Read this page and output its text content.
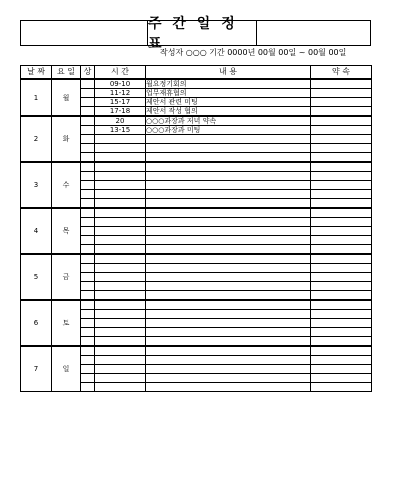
주 간 일 정 표
작성자 ○○○ 기간 0000년 00월 00일 ~ 00월 00일
날 짜	요 일	상	시 간	내 용	약 속
1	월		09-10	월요정기회의	
			11-12	업무재휴협의	
			15-17	제안서 관련 미팅	
			17-18	제안서 작성 협의	
2	화		20	○○○과장과 저녁 약속	
			13-15	○○○과장과 미팅	

3	수				

4	목				

5	금				

6	토				

7	일				
